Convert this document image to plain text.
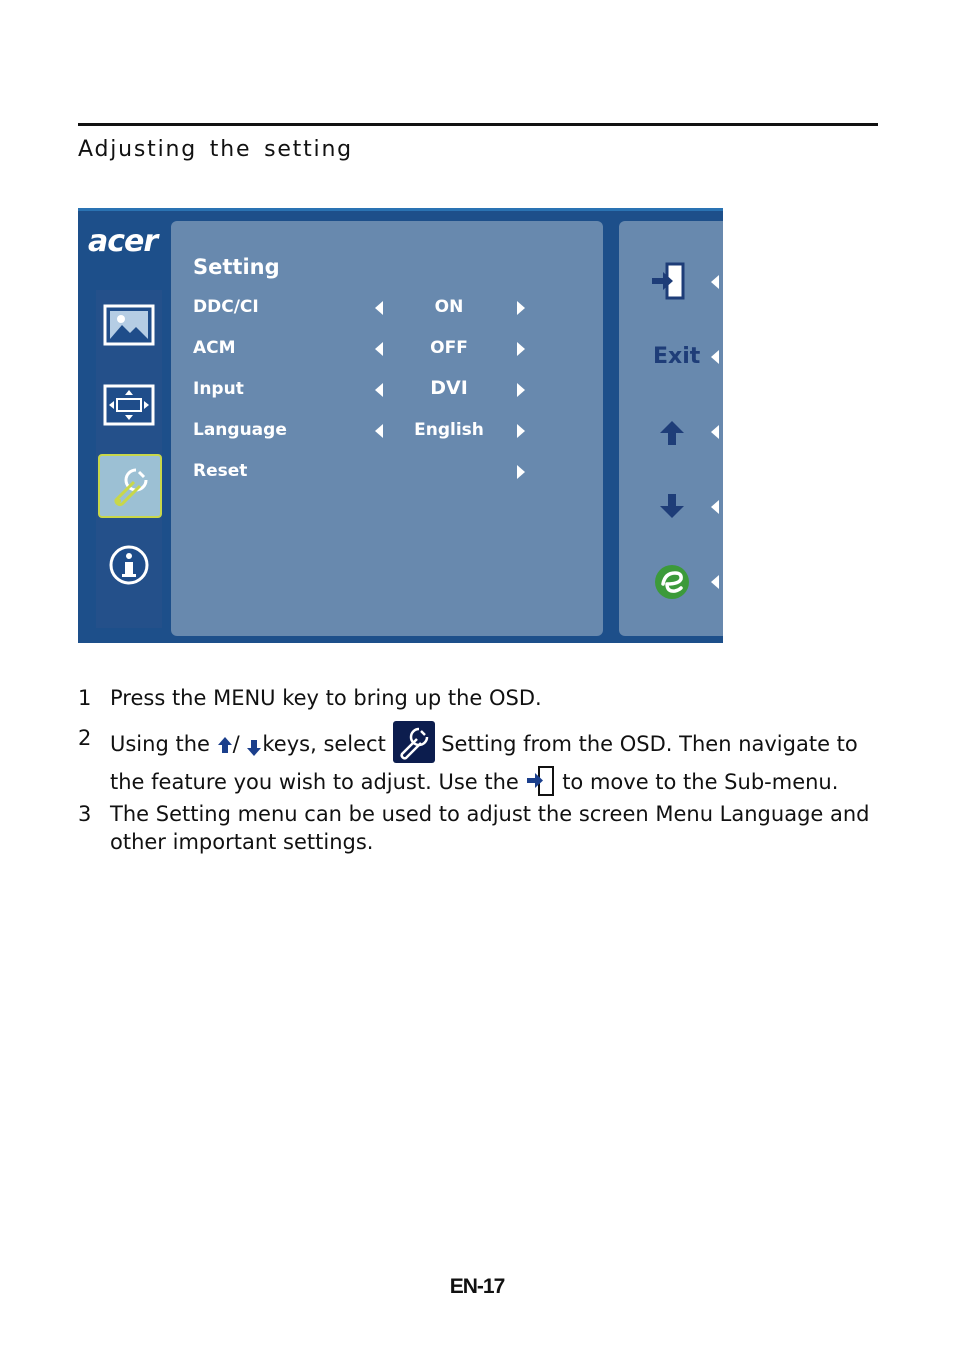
Adjusting the setting
acer
Setting
DDC/CI	ON
ACM	OFF
Input	DVI
Language	English
Reset
Exit
1 Press the MENU key to bring up the OSD.
2 Using the / keys, select	Setting from the OSD. Then navigate to
the feature you wish to adjust. Use the to move to the Sub-menu.
3 The Setting menu can be used to adjust the screen Menu Language and
other important settings.
EN-17
